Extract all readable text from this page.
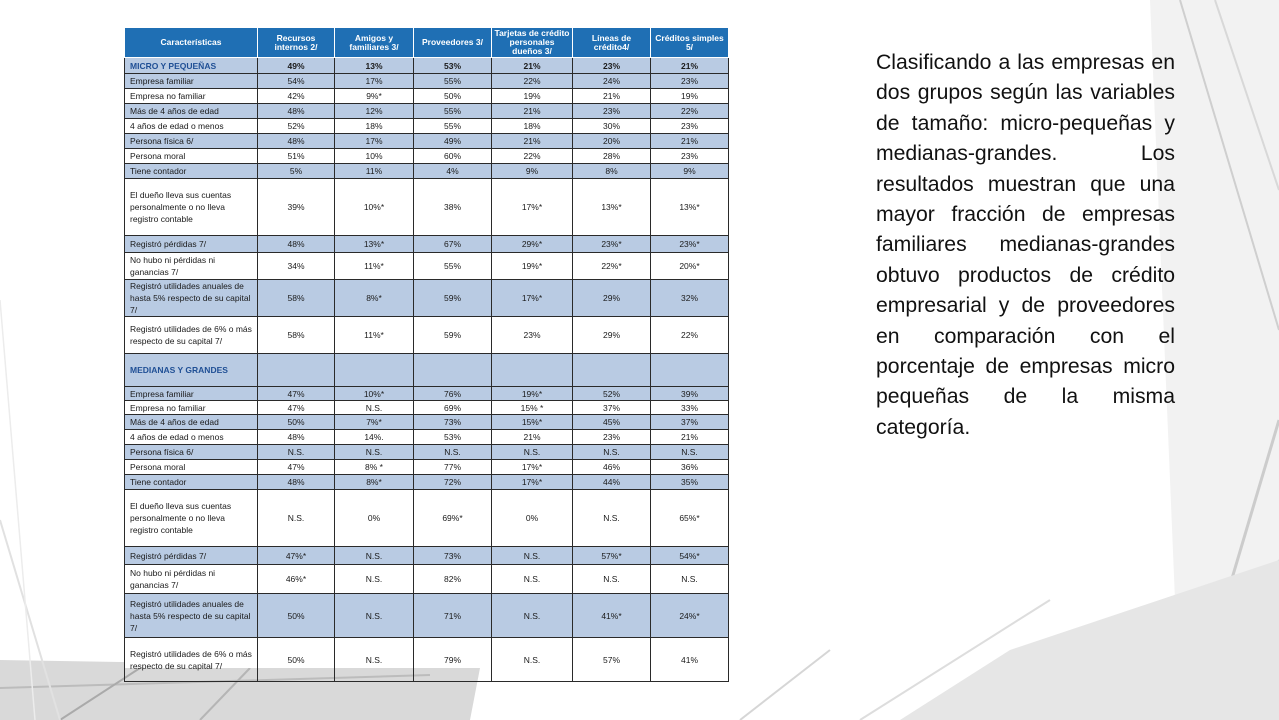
Características	Recursos internos 2/	Amigos y familiares 3/	Proveedores 3/	Tarjetas de crédito personales dueños 3/	Líneas de crédito4/	Créditos simples 5/
MICRO Y PEQUEÑAS	49%	13%	53%	21%	23%	21%
Empresa familiar	54%	17%	55%	22%	24%	23%
Empresa no familiar	42%	9%*	50%	19%	21%	19%
Más de 4 años de edad	48%	12%	55%	21%	23%	22%
4 años de edad o menos	52%	18%	55%	18%	30%	23%
Persona física 6/	48%	17%	49%	21%	20%	21%
Persona moral	51%	10%	60%	22%	28%	23%
Tiene contador	5%	11%	4%	9%	8%	9%
El dueño lleva sus cuentas personalmente o no lleva registro contable	39%	10%*	38%	17%*	13%*	13%*
Registró pérdidas 7/	48%	13%*	67%	29%*	23%*	23%*
No hubo ni pérdidas ni ganancias 7/	34%	11%*	55%	19%*	22%*	20%*
Registró utilidades anuales de hasta 5% respecto de su capital 7/	58%	8%*	59%	17%*	29%	32%
Registró utilidades de 6% o más respecto de su capital 7/	58%	11%*	59%	23%	29%	22%
MEDIANAS Y GRANDES						
Empresa familiar	47%	10%*	76%	19%*	52%	39%
Empresa no familiar	47%	N.S.	69%	15% *	37%	33%
Más de 4 años de edad	50%	7%*	73%	15%*	45%	37%
4 años de edad o menos	48%	14%.	53%	21%	23%	21%
Persona física 6/	N.S.	N.S.	N.S.	N.S.	N.S.	N.S.
Persona moral	47%	8% *	77%	17%*	46%	36%
Tiene contador	48%	8%*	72%	17%*	44%	35%
El dueño lleva sus cuentas personalmente o no lleva registro contable	N.S.	0%	69%*	0%	N.S.	65%*
Registró pérdidas 7/	47%*	N.S.	73%	N.S.	57%*	54%*
No hubo ni pérdidas ni ganancias 7/	46%*	N.S.	82%	N.S.	N.S.	N.S.
Registró utilidades anuales de hasta 5% respecto de su capital 7/	50%	N.S.	71%	N.S.	41%*	24%*
Registró utilidades de 6% o más respecto de su capital 7/	50%	N.S.	79%	N.S.	57%	41%

Clasificando a las empresas en dos grupos según las variables de tamaño: micro-pequeñas y medianas-grandes. Los resultados muestran que una mayor fracción de empresas familiares medianas-grandes obtuvo productos de crédito empresarial y de proveedores en comparación con el porcentaje de empresas micro pequeñas de la misma categoría.
